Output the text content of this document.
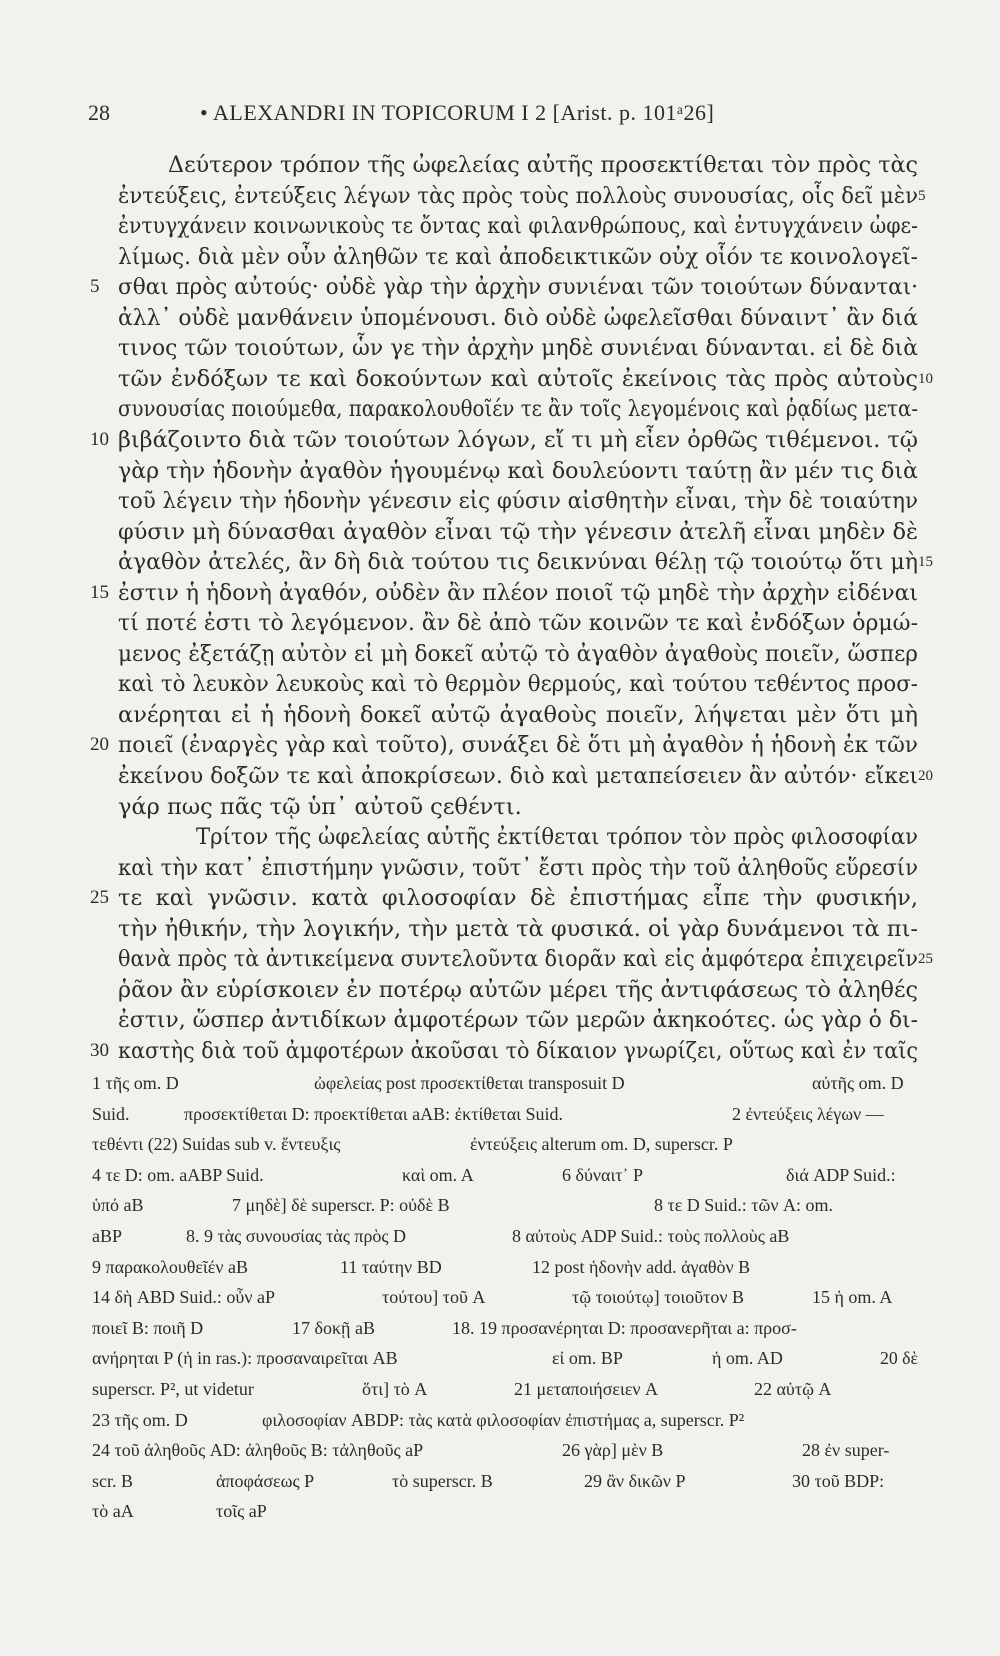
28	• ALEXANDRI IN TOPICORUM I 2 [Arist. p. 101ᵃ26]
Δεύτερον τρόπον τῆς ὠφελείας αὐτῆς προσεκτίθεται τὸν πρὸς τὰς
ἐντεύξεις, ἐντεύξεις λέγων τὰς πρὸς τοὺς πολλοὺς συνουσίας, οἷς δεῖ μὲν 5
ἐντυγχάνειν κοινωνικοὺς τε ὄντας καὶ φιλανθρώπους, καὶ ἐντυγχάνειν ὠφε-
λίμως. διὰ μὲν οὖν ἀληθῶν τε καὶ ἀποδεικτικῶν οὐχ οἷόν τε κοινολογεῖ-
σθαι πρὸς αὐτούς· οὐδὲ γὰρ τὴν ἀρχὴν συνιέναι τῶν τοιούτων δύνανται·
5
ἀλλ᾽ οὐδὲ μανθάνειν ὑπομένουσι. διὸ οὐδὲ ὠφελεῖσθαι δύναιντ᾽ ἂν διά
τινος τῶν τοιούτων, ὧν γε τὴν ἀρχὴν μηδὲ συνιέναι δύνανται. εἰ δὲ διὰ
τῶν ἐνδόξων τε καὶ δοκούντων καὶ αὐτοῖς ἐκείνοις τὰς πρὸς αὐτοὺς 10
συνουσίας ποιούμεθα, παρακολουθοῖέν τε ἂν τοῖς λεγομένοις καὶ ῥᾳδίως μετα-
βιβάζοιντο διὰ τῶν τοιούτων λόγων, εἴ τι μὴ εἶεν ὀρθῶς τιθέμενοι. τῷ
10
γὰρ τὴν ἡδονὴν ἀγαθὸν ἡγουμένῳ καὶ δουλεύοντι ταύτῃ ἂν μέν τις διὰ
τοῦ λέγειν τὴν ἡδονὴν γένεσιν εἰς φύσιν αἰσθητὴν εἶναι, τὴν δὲ τοιαύτην
φύσιν μὴ δύνασθαι ἀγαθὸν εἶναι τῷ τὴν γένεσιν ἀτελῆ εἶναι μηδὲν δὲ
ἀγαθὸν ἀτελές, ἂν δὴ διὰ τούτου τις δεικνύναι θέλῃ τῷ τοιούτῳ ὅτι μὴ 15
ἐστιν ἡ ἡδονὴ ἀγαθόν, οὐδὲν ἂν πλέον ποιοῖ τῷ μηδὲ τὴν ἀρχὴν εἰδέναι
15
τί ποτέ ἐστι τὸ λεγόμενον. ἂν δὲ ἀπὸ τῶν κοινῶν τε καὶ ἐνδόξων ὁρμώ-
μενος ἐξετάζῃ αὐτὸν εἰ μὴ δοκεῖ αὐτῷ τὸ ἀγαθὸν ἀγαθοὺς ποιεῖν, ὥσπερ
καὶ τὸ λευκὸν λευκοὺς καὶ τὸ θερμὸν θερμούς, καὶ τούτου τεθέντος προσ-
ανέρηται εἰ ἡ ἡδονὴ δοκεῖ αὐτῷ ἀγαθοὺς ποιεῖν, λήψεται μὲν ὅτι μὴ
ποιεῖ (ἐναργὲς γὰρ καὶ τοῦτο), συνάξει δὲ ὅτι μὴ ἀγαθὸν ἡ ἡδονὴ ἐκ τῶν
20
ἐκείνου δοξῶν τε καὶ ἀποκρίσεων. διὸ καὶ μεταπείσειεν ἂν αὐτόν· εἴκει 20
γάρ πως πᾶς τῷ ὑπ᾽ αὐτοῦ ςεθέντι.
Τρίτον τῆς ὠφελείας αὐτῆς ἐκτίθεται τρόπον τὸν πρὸς φιλοσοφίαν
καὶ τὴν κατ᾽ ἐπιστήμην γνῶσιν, τοῦτ᾽ ἔστι πρὸς τὴν τοῦ ἀληθοῦς εὕρεσίν
τε καὶ γνῶσιν. κατὰ φιλοσοφίαν δὲ ἐπιστήμας εἶπε τὴν φυσικήν,
25
τὴν ἠθικήν, τὴν λογικήν, τὴν μετὰ τὰ φυσικά. οἱ γὰρ δυνάμενοι τὰ πι-
θανὰ πρὸς τὰ ἀντικείμενα συντελοῦντα διορᾶν καὶ εἰς ἀμφότερα ἐπιχειρεῖν 25
ῥᾶον ἂν εὑρίσκοιεν ἐν ποτέρῳ αὐτῶν μέρει τῆς ἀντιφάσεως τὸ ἀληθές
ἐστιν, ὥσπερ ἀντιδίκων ἀμφοτέρων τῶν μερῶν ἀκηκοότες. ὡς γὰρ ὁ δι-
καστὴς διὰ τοῦ ἀμφοτέρων ἀκοῦσαι τὸ δίκαιον γνωρίζει, οὕτως καὶ ἐν ταῖς
30
1 τῆς om. D	ὠφελείας post προσεκτίθεται transposuit D	αὐτῆς om. D
Suid.	προσεκτίθεται D: προεκτίθεται aAB: ἐκτίθεται Suid.	2 ἐντεύξεις λέγων —
τεθέντι (22) Suidas sub v. ἔντευξις	ἐντεύξεις alterum om. D, superscr. P
4 τε D: om. aABP Suid.	καὶ om. A	6 δύναιτ᾽ P	διά ADP Suid.:
ὑπό aB	7 μηδὲ] δὲ superscr. P: οὐδὲ B	8 τε D Suid.: τῶν A: om.
aBP	8. 9 τὰς συνουσίας τὰς πρὸς D	8 αὐτοὺς ADP Suid.: τοὺς πολλοὺς aB
9 παρακολουθεῖέν aB	11 ταύτην BD	12 post ἡδονὴν add. ἀγαθὸν B
14 δὴ ABD Suid.: οὖν aP	τούτου] τοῦ A	τῷ τοιούτῳ] τοιοῦτον B	15 ἡ om. A
ποιεῖ B: ποιῆ D	17 δοκῇ aB	18. 19 προσανέρηται D: προσανερῆται a: προσ-
ανήρηται P (ἡ in ras.): προσαναιρεῖται AB	εἰ om. BP	ἡ om. AD	20 δὲ
superscr. P², ut videtur	ὅτι] τὸ A	21 μεταποιήσειεν A	22 αὐτῷ A
23 τῆς om. D	φιλοσοφίαν ABDP: τὰς κατὰ φιλοσοφίαν ἐπιστήμας a, superscr. P²
24 τοῦ ἀληθοῦς AD: ἀληθοῦς B: τἀληθοῦς aP	26 γὰρ] μὲν B	28 ἐν super-
scr. B	ἀποφάσεως P	τὸ superscr. B	29 ἂν δικῶν P	30 τοῦ BDP:
τὸ aA	τοῖς aP
